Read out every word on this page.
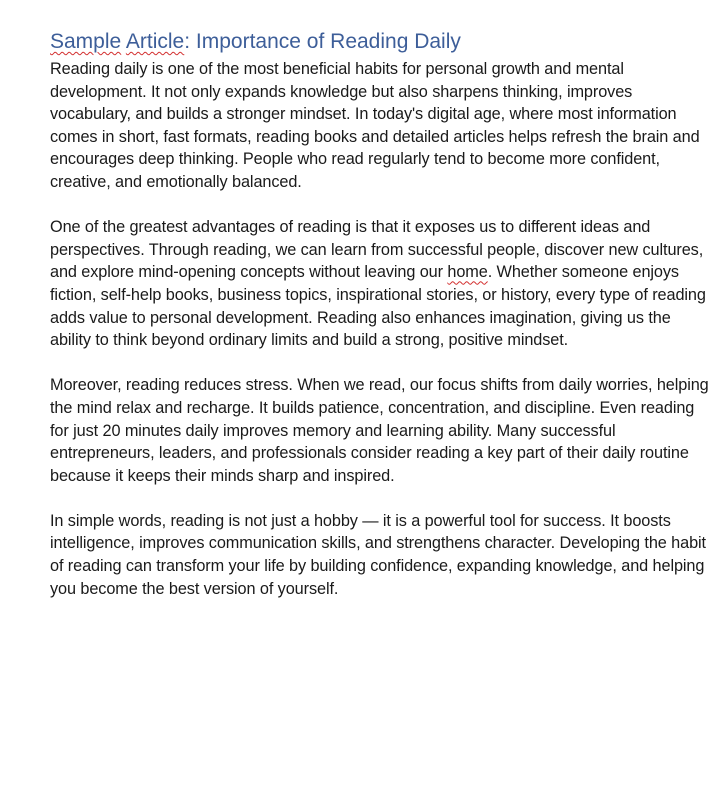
Sample Article: Importance of Reading Daily

Reading daily is one of the most beneficial habits for personal growth and mental development. It not only expands knowledge but also sharpens thinking, improves vocabulary, and builds a stronger mindset. In today's digital age, where most information comes in short, fast formats, reading books and detailed articles helps refresh the brain and encourages deep thinking. People who read regularly tend to become more confident, creative, and emotionally balanced.

One of the greatest advantages of reading is that it exposes us to different ideas and perspectives. Through reading, we can learn from successful people, discover new cultures, and explore mind-opening concepts without leaving our home. Whether someone enjoys fiction, self-help books, business topics, inspirational stories, or history, every type of reading adds value to personal development. Reading also enhances imagination, giving us the ability to think beyond ordinary limits and build a strong, positive mindset.

Moreover, reading reduces stress. When we read, our focus shifts from daily worries, helping the mind relax and recharge. It builds patience, concentration, and discipline. Even reading for just 20 minutes daily improves memory and learning ability. Many successful entrepreneurs, leaders, and professionals consider reading a key part of their daily routine because it keeps their minds sharp and inspired.

In simple words, reading is not just a hobby — it is a powerful tool for success. It boosts intelligence, improves communication skills, and strengthens character. Developing the habit of reading can transform your life by building confidence, expanding knowledge, and helping you become the best version of yourself.
